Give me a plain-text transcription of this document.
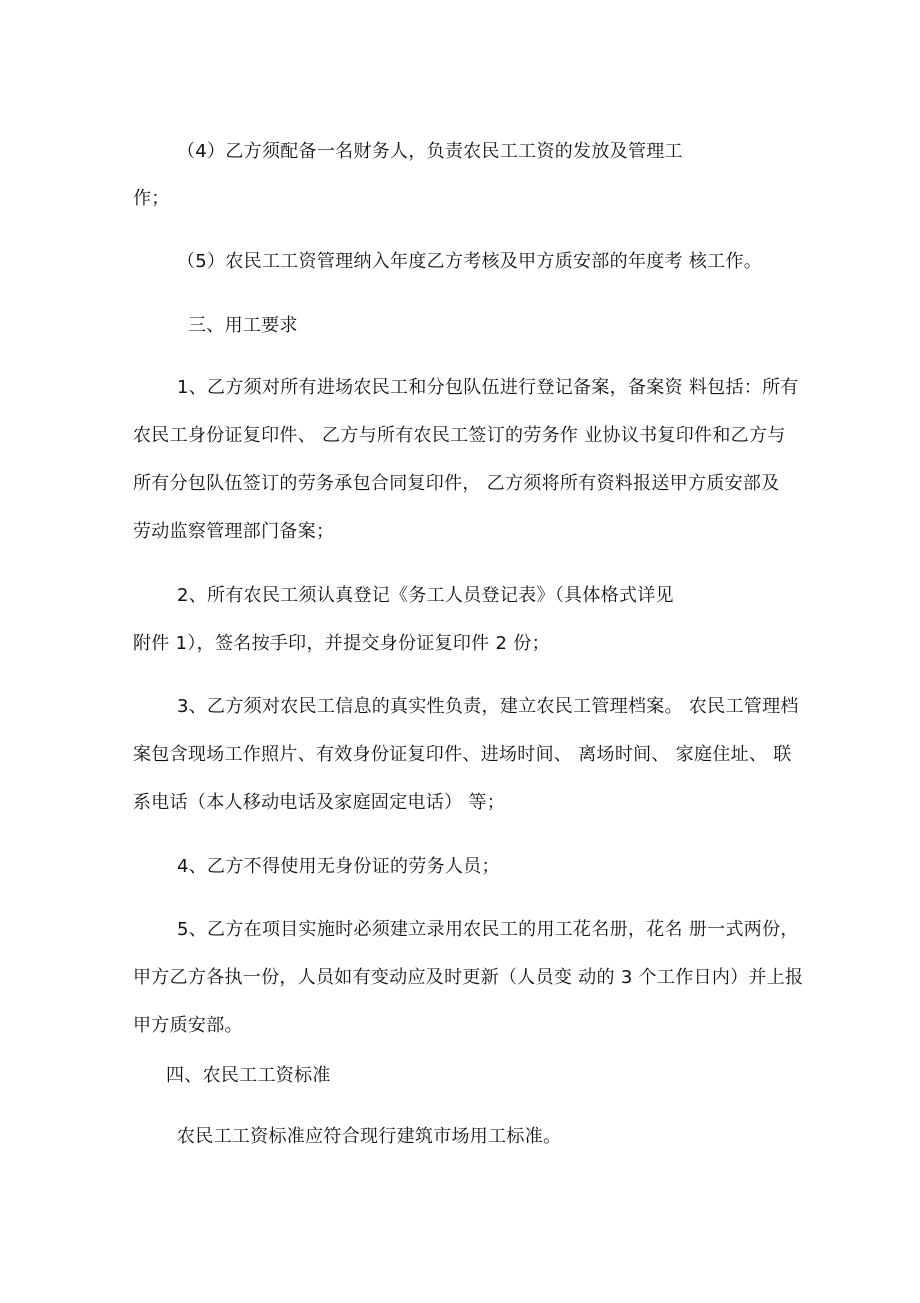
（4）乙方须配备一名财务人，负责农民工工资的发放及管理工
作；
（5）农民工工资管理纳入年度乙方考核及甲方质安部的年度考 核工作。
三、用工要求
1、乙方须对所有进场农民工和分包队伍进行登记备案，备案资 料包括：所有
农民工身份证复印件、 乙方与所有农民工签订的劳务作 业协议书复印件和乙方与
所有分包队伍签订的劳务承包合同复印件， 乙方须将所有资料报送甲方质安部及
劳动监察管理部门备案；
2、所有农民工须认真登记《务工人员登记表》（具体格式详见
附件 1），签名按手印，并提交身份证复印件 2 份；
3、乙方须对农民工信息的真实性负责，建立农民工管理档案。 农民工管理档
案包含现场工作照片、有效身份证复印件、进场时间、 离场时间、 家庭住址、 联
系电话（本人移动电话及家庭固定电话） 等；
4、乙方不得使用无身份证的劳务人员；
5、乙方在项目实施时必须建立录用农民工的用工花名册，花名 册一式两份，
甲方乙方各执一份，人员如有变动应及时更新（人员变 动的 3 个工作日内）并上报
甲方质安部。
四、农民工工资标准
农民工工资标准应符合现行建筑市场用工标准。
